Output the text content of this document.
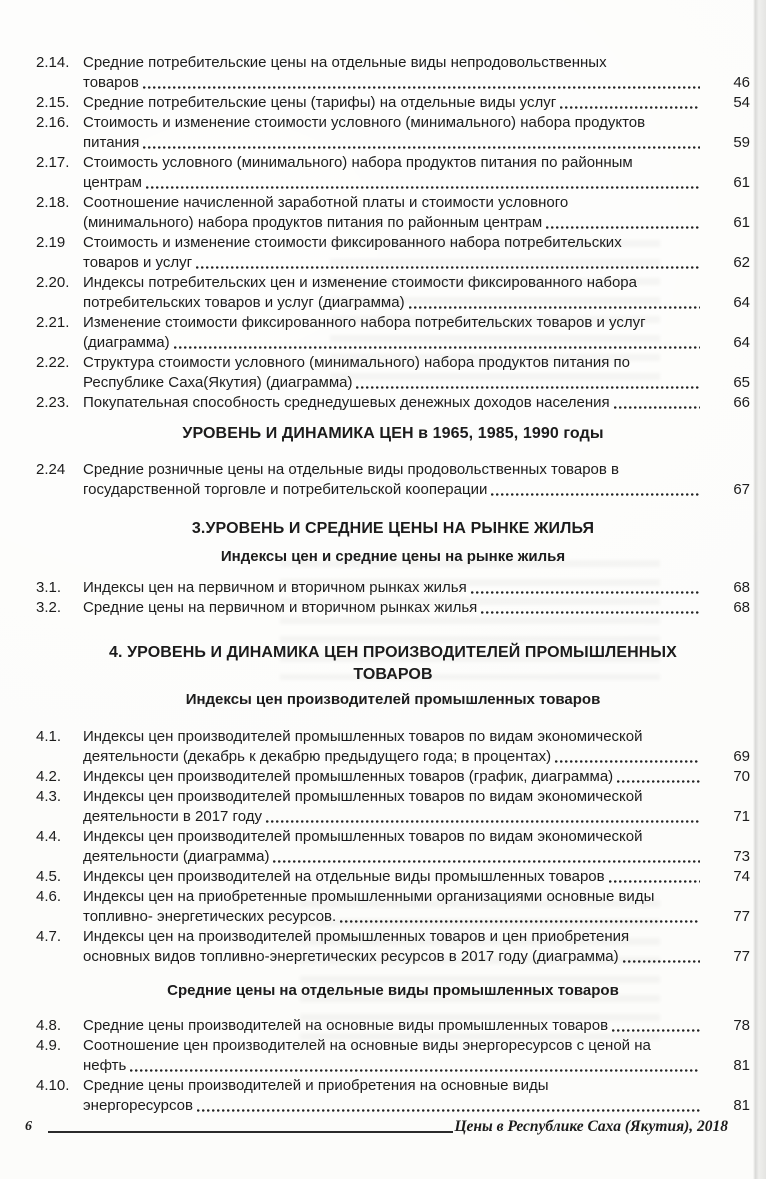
2.14. Средние потребительские цены на отдельные виды непродовольственных
товаров	46
2.15. Средние потребительские цены (тарифы) на отдельные виды услуг	54
2.16. Стоимость и изменение стоимости условного (минимального) набора продуктов
питания	59
2.17. Стоимость условного (минимального) набора продуктов питания по районным
центрам	61
2.18. Соотношение начисленной заработной платы и стоимости условного
(минимального) набора продуктов питания по районным центрам	61
2.19	Стоимость и изменение стоимости фиксированного набора потребительских
товаров и услуг	62
2.20. Индексы потребительских цен и изменение стоимости фиксированного набора
потребительских товаров и услуг (диаграмма)	64
2.21. Изменение стоимости фиксированного набора потребительских товаров и услуг
(диаграмма)	64
2.22. Структура стоимости условного (минимального) набора продуктов питания по
Республике Саха(Якутия) (диаграмма)	65
2.23. Покупательная способность среднедушевых денежных доходов населения	66
УРОВЕНЬ И ДИНАМИКА ЦЕН в 1965, 1985, 1990 годы
2.24	Средние розничные цены на отдельные виды продовольственных товаров в
государственной торговле и потребительской кооперации	67
3.УРОВЕНЬ И СРЕДНИЕ ЦЕНЫ НА РЫНКЕ ЖИЛЬЯ
Индексы цен и средние цены на рынке жилья
3.1.	Индексы цен на первичном и вторичном рынках жилья	68
3.2.	Средние цены на первичном и вторичном рынках жилья	68
4. УРОВЕНЬ И ДИНАМИКА ЦЕН ПРОИЗВОДИТЕЛЕЙ ПРОМЫШЛЕННЫХ ТОВАРОВ
Индексы цен производителей промышленных товаров
4.1.	Индексы цен производителей промышленных товаров по видам экономической
деятельности (декабрь к декабрю предыдущего года; в процентах)	69
4.2.	Индексы цен производителей промышленных товаров (график, диаграмма)	70
4.3.	Индексы цен производителей промышленных товаров по видам экономической
деятельности в 2017 году	71
4.4.	Индексы цен производителей промышленных товаров по видам экономической
деятельности (диаграмма)	73
4.5.	Индексы цен производителей на отдельные виды промышленных товаров	74
4.6.	Индексы цен на приобретенные промышленными организациями основные виды
топливно- энергетических ресурсов.	77
4.7.	Индексы цен на производителей промышленных товаров и цен приобретения
основных видов топливно-энергетических ресурсов в 2017 году (диаграмма)	77
Средние цены на отдельные виды промышленных товаров
4.8.	Средние цены производителей на основные виды промышленных товаров	78
4.9.	Соотношение цен производителей на основные виды энергоресурсов с ценой на
нефть	81
4.10. Средние цены производителей и приобретения на основные виды
энергоресурсов	81
6	Цены в Республике Саха (Якутия), 2018
